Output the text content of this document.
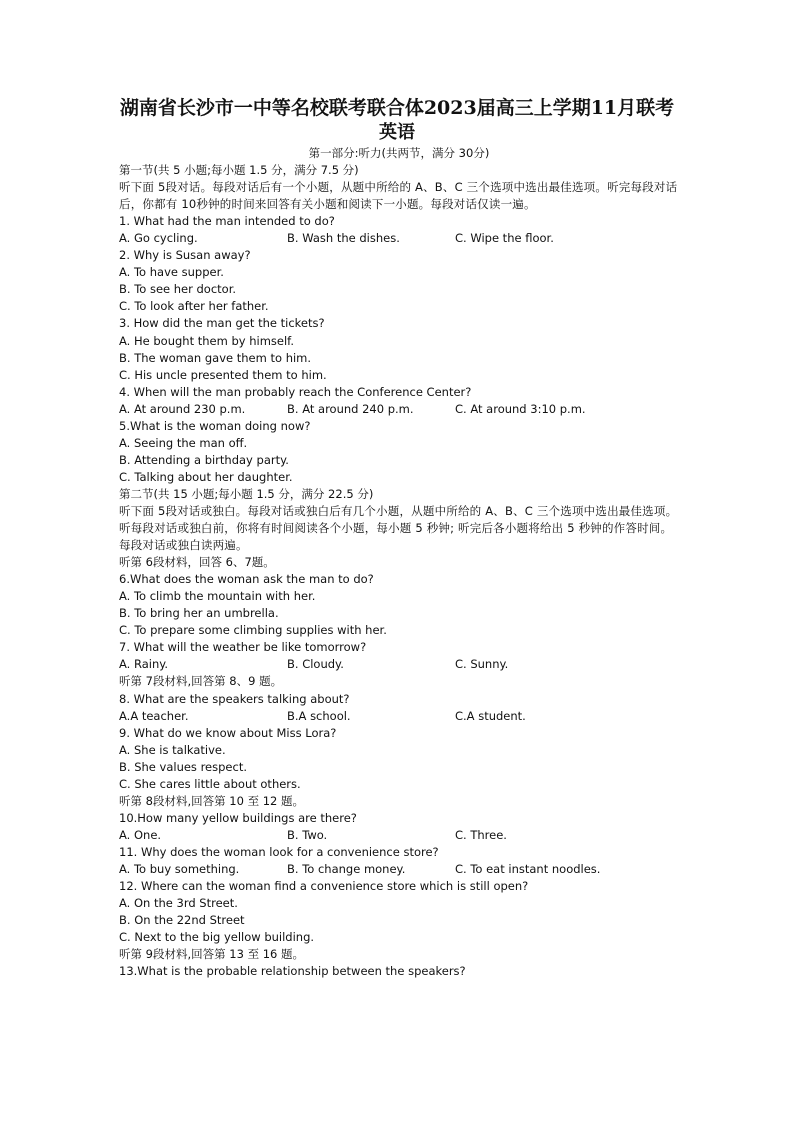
湖南省长沙市一中等名校联考联合体2023届高三上学期11月联考
英语
第一部分:听力(共两节，满分 30分)
第一节(共 5 小题;每小题 1.5 分，满分 7.5 分)
听下面 5段对话。每段对话后有一个小题，从题中所给的 A、B、C 三个选项中选出最佳选项。听完每段对话后，你都有 10秒钟的时间来回答有关小题和阅读下一小题。每段对话仅读一遍。
1. What had the man intended to do?
A. Go cycling.	B. Wash the dishes.	C. Wipe the floor.
2. Why is Susan away?
A. To have supper.
B. To see her doctor.
C. To look after her father.
3. How did the man get the tickets?
A. He bought them by himself.
B. The woman gave them to him.
C. His uncle presented them to him.
4. When will the man probably reach the Conference Center?
A. At around 230 p.m.	B. At around 240 p.m.	C. At around 3:10 p.m.
5.What is the woman doing now?
A. Seeing the man off.
B. Attending a birthday party.
C. Talking about her daughter.
第二节(共 15 小题;每小题 1.5 分，满分 22.5 分)
听下面 5段对话或独白。每段对话或独白后有几个小题，从题中所给的 A、B、C 三个选项中选出最佳选项。听每段对话或独白前，你将有时间阅读各个小题，每小题 5 秒钟; 听完后各小题将给出 5 秒钟的作答时间。每段对话或独白读两遍。
听第 6段材料，回答 6、7题。
6.What does the woman ask the man to do?
A. To climb the mountain with her.
B. To bring her an umbrella.
C. To prepare some climbing supplies with her.
7. What will the weather be like tomorrow?
A. Rainy.	B. Cloudy.	C. Sunny.
听第 7段材料,回答第 8、9 题。
8. What are the speakers talking about?
A.A teacher.	B.A school.	C.A student.
9. What do we know about Miss Lora?
A. She is talkative.
B. She values respect.
C. She cares little about others.
听第 8段材料,回答第 10 至 12 题。
10.How many yellow buildings are there?
A. One.	B. Two.	C. Three.
11. Why does the woman look for a convenience store?
A. To buy something.	B. To change money.	C. To eat instant noodles.
12. Where can the woman find a convenience store which is still open?
A. On the 3rd Street.
B. On the 22nd Street
C. Next to the big yellow building.
听第 9段材料,回答第 13 至 16 题。
13.What is the probable relationship between the speakers?
